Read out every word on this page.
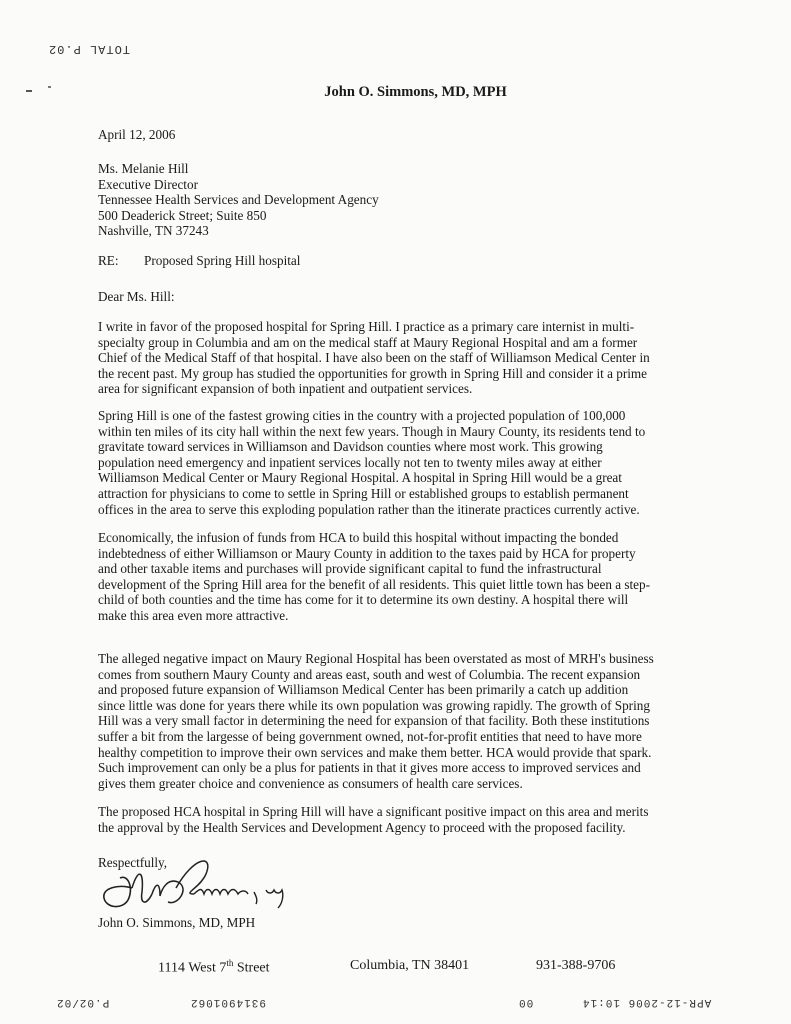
TOTAL P.02
John O. Simmons, MD, MPH
April 12, 2006
Ms. Melanie Hill
Executive Director
Tennessee Health Services and Development Agency
500 Deaderick Street; Suite 850
Nashville, TN 37243
RE: Proposed Spring Hill hospital
Dear Ms. Hill:
I write in favor of the proposed hospital for Spring Hill. I practice as a primary care internist in multi-
specialty group in Columbia and am on the medical staff at Maury Regional Hospital and am a former
Chief of the Medical Staff of that hospital. I have also been on the staff of Williamson Medical Center in
the recent past. My group has studied the opportunities for growth in Spring Hill and consider it a prime
area for significant expansion of both inpatient and outpatient services.
Spring Hill is one of the fastest growing cities in the country with a projected population of 100,000
within ten miles of its city hall within the next few years. Though in Maury County, its residents tend to
gravitate toward services in Williamson and Davidson counties where most work. This growing
population need emergency and inpatient services locally not ten to twenty miles away at either
Williamson Medical Center or Maury Regional Hospital. A hospital in Spring Hill would be a great
attraction for physicians to come to settle in Spring Hill or established groups to establish permanent
offices in the area to serve this exploding population rather than the itinerate practices currently active.
Economically, the infusion of funds from HCA to build this hospital without impacting the bonded
indebtedness of either Williamson or Maury County in addition to the taxes paid by HCA for property
and other taxable items and purchases will provide significant capital to fund the infrastructural
development of the Spring Hill area for the benefit of all residents. This quiet little town has been a step-
child of both counties and the time has come for it to determine its own destiny. A hospital there will
make this area even more attractive.
The alleged negative impact on Maury Regional Hospital has been overstated as most of MRH's business
comes from southern Maury County and areas east, south and west of Columbia. The recent expansion
and proposed future expansion of Williamson Medical Center has been primarily a catch up addition
since little was done for years there while its own population was growing rapidly. The growth of Spring
Hill was a very small factor in determining the need for expansion of that facility. Both these institutions
suffer a bit from the largesse of being government owned, not-for-profit entities that need to have more
healthy competition to improve their own services and make them better. HCA would provide that spark.
Such improvement can only be a plus for patients in that it gives more access to improved services and
gives them greater choice and convenience as consumers of health care services.
The proposed HCA hospital in Spring Hill will have a significant positive impact on this area and merits
the approval by the Health Services and Development Agency to proceed with the proposed facility.
Respectfully,
John O. Simmons, MD, MPH
1114 West 7th Street	Columbia, TN 38401	931-388-9706
P.02/02	9314901062	00	APR-12-2006 10:14
